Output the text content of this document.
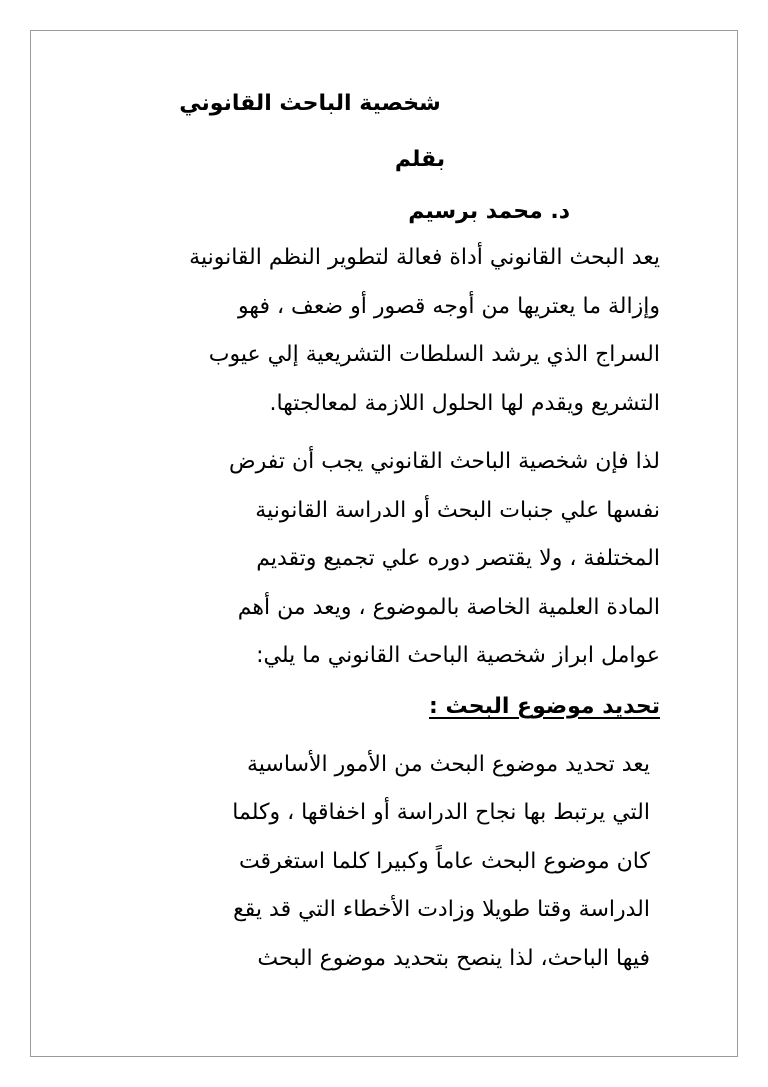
شخصية الباحث القانوني
بقلم
د. محمد برسيم

يعد البحث القانوني أداة فعالة لتطوير النظم القانونية
وإزالة ما يعتريها من أوجه قصور أو ضعف ، فهو
السراج الذي يرشد السلطات التشريعية إلي عيوب
التشريع ويقدم لها الحلول اللازمة لمعالجتها.

لذا فإن شخصية الباحث القانوني يجب أن تفرض
نفسها علي جنبات البحث أو الدراسة القانونية
المختلفة ، ولا يقتصر دوره علي تجميع وتقديم
المادة العلمية الخاصة بالموضوع ، ويعد من أهم
عوامل ابراز شخصية الباحث القانوني ما يلي:

تحديد موضوع البحث :

يعد تحديد موضوع البحث من الأمور الأساسية
التي يرتبط بها نجاح الدراسة أو اخفاقها ، وكلما
كان موضوع البحث عاماً وكبيرا كلما استغرقت
الدراسة وقتا طويلا وزادت الأخطاء التي قد يقع
فيها الباحث، لذا ينصح بتحديد موضوع البحث
